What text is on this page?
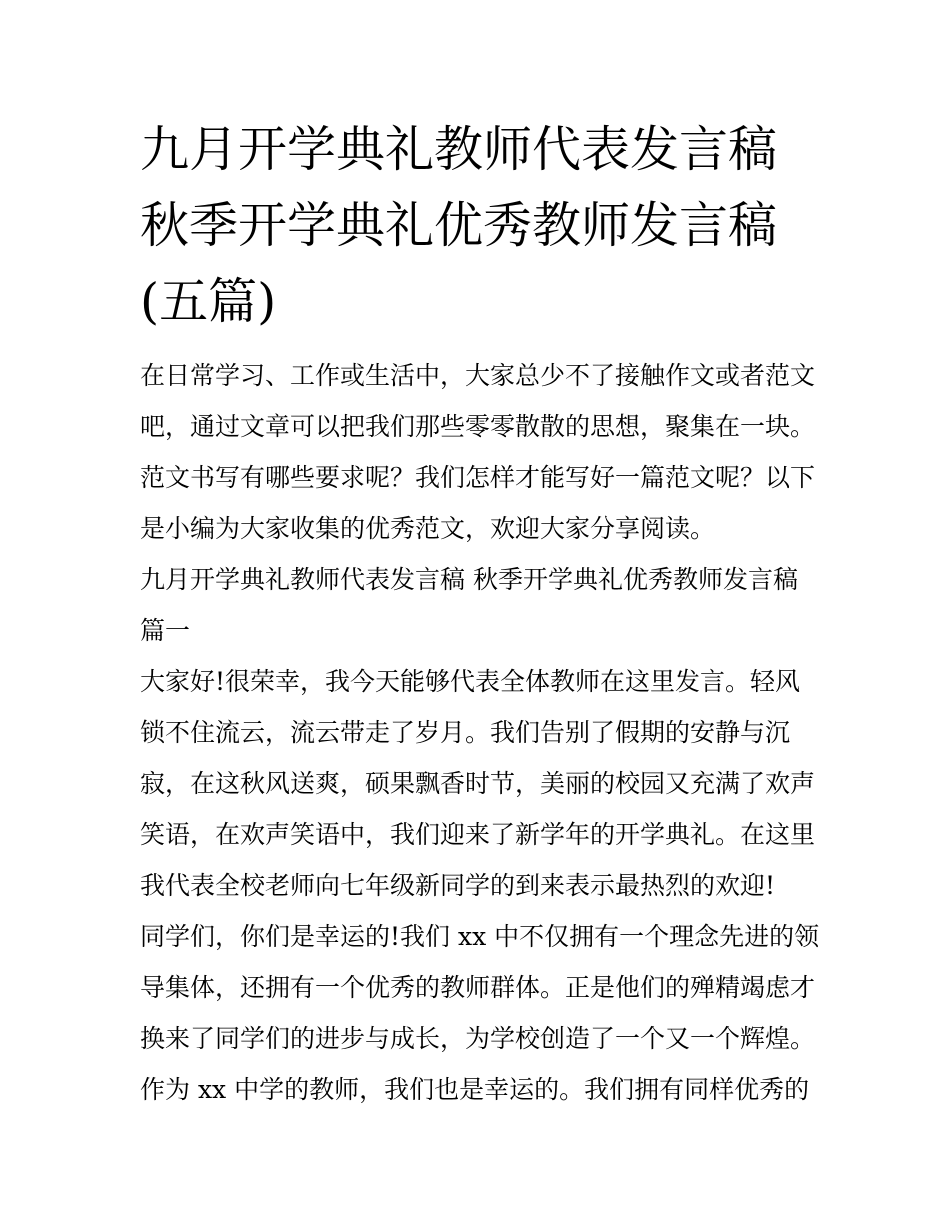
九月开学典礼教师代表发言稿
秋季开学典礼优秀教师发言稿
(五篇)
在日常学习、工作或生活中，大家总少不了接触作文或者范文
吧，通过文章可以把我们那些零零散散的思想，聚集在一块。
范文书写有哪些要求呢？我们怎样才能写好一篇范文呢？以下
是小编为大家收集的优秀范文，欢迎大家分享阅读。
九月开学典礼教师代表发言稿 秋季开学典礼优秀教师发言稿
篇一
大家好!很荣幸，我今天能够代表全体教师在这里发言。轻风
锁不住流云，流云带走了岁月。我们告别了假期的安静与沉
寂，在这秋风送爽，硕果飘香时节，美丽的校园又充满了欢声
笑语，在欢声笑语中，我们迎来了新学年的开学典礼。在这里
我代表全校老师向七年级新同学的到来表示最热烈的欢迎!
同学们，你们是幸运的!我们 xx 中不仅拥有一个理念先进的领
导集体，还拥有一个优秀的教师群体。正是他们的殚精竭虑才
换来了同学们的进步与成长，为学校创造了一个又一个辉煌。
作为 xx 中学的教师，我们也是幸运的。我们拥有同样优秀的
